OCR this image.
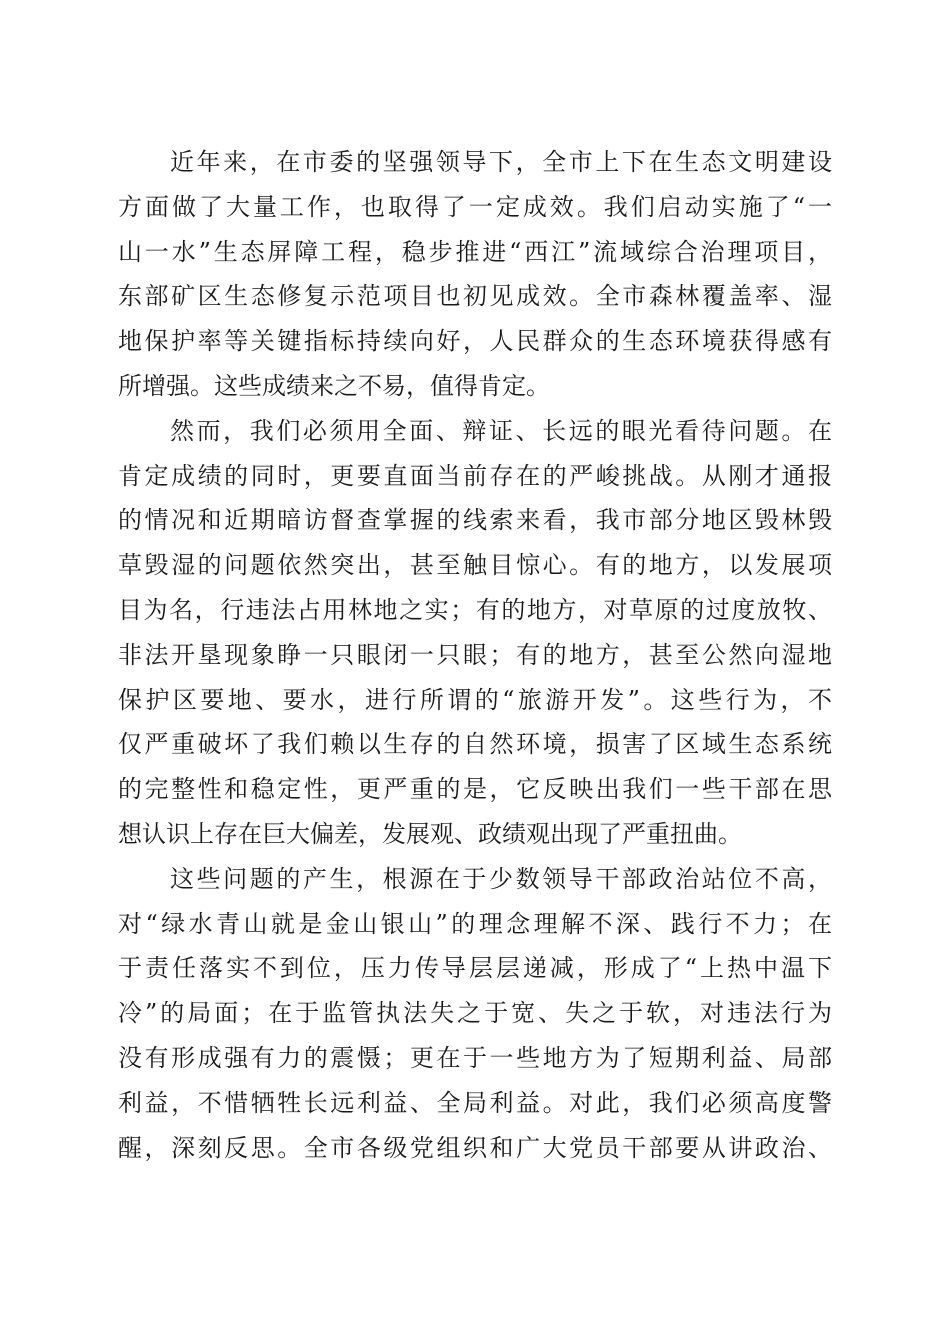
近年来，在市委的坚强领导下，全市上下在生态文明建设
方面做了大量工作，也取得了一定成效。我们启动实施了“一
山一水”生态屏障工程，稳步推进“西江”流域综合治理项目，
东部矿区生态修复示范项目也初见成效。全市森林覆盖率、湿
地保护率等关键指标持续向好，人民群众的生态环境获得感有
所增强。这些成绩来之不易，值得肯定。
然而，我们必须用全面、辩证、长远的眼光看待问题。在
肯定成绩的同时，更要直面当前存在的严峻挑战。从刚才通报
的情况和近期暗访督查掌握的线索来看，我市部分地区毁林毁
草毁湿的问题依然突出，甚至触目惊心。有的地方，以发展项
目为名，行违法占用林地之实；有的地方，对草原的过度放牧、
非法开垦现象睁一只眼闭一只眼；有的地方，甚至公然向湿地
保护区要地、要水，进行所谓的“旅游开发”。这些行为，不
仅严重破坏了我们赖以生存的自然环境，损害了区域生态系统
的完整性和稳定性，更严重的是，它反映出我们一些干部在思
想认识上存在巨大偏差，发展观、政绩观出现了严重扭曲。
这些问题的产生，根源在于少数领导干部政治站位不高，
对“绿水青山就是金山银山”的理念理解不深、践行不力；在
于责任落实不到位，压力传导层层递减，形成了“上热中温下
冷”的局面；在于监管执法失之于宽、失之于软，对违法行为
没有形成强有力的震慑；更在于一些地方为了短期利益、局部
利益，不惜牺牲长远利益、全局利益。对此，我们必须高度警
醒，深刻反思。全市各级党组织和广大党员干部要从讲政治、
